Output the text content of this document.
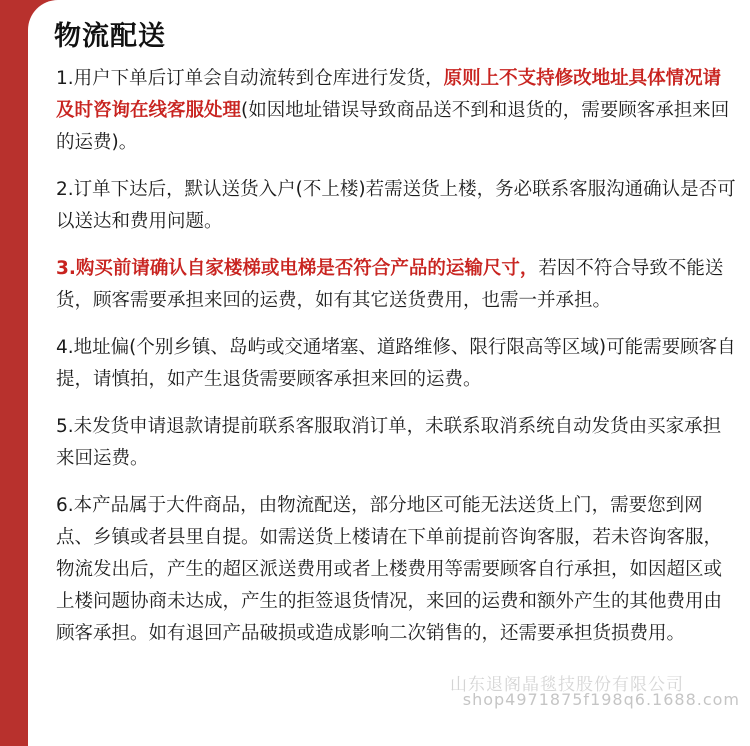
物流配送

1.用户下单后订单会自动流转到仓库进行发货，原则上不支持修改地址具体情况请及时咨询在线客服处理(如因地址错误导致商品送不到和退货的，需要顾客承担来回的运费)。

2.订单下达后，默认送货入户(不上楼)若需送货上楼，务必联系客服沟通确认是否可以送达和费用问题。

3.购买前请确认自家楼梯或电梯是否符合产品的运输尺寸，若因不符合导致不能送货，顾客需要承担来回的运费，如有其它送货费用，也需一并承担。

4.地址偏(个别乡镇、岛屿或交通堵塞、道路维修、限行限高等区域)可能需要顾客自提，请慎拍，如产生退货需要顾客承担来回的运费。

5.未发货申请退款请提前联系客服取消订单，未联系取消系统自动发货由买家承担来回运费。

6.本产品属于大件商品，由物流配送，部分地区可能无法送货上门，需要您到网点、乡镇或者县里自提。如需送货上楼请在下单前提前咨询客服，若未咨询客服，物流发出后，产生的超区派送费用或者上楼费用等需要顾客自行承担，如因超区或上楼问题协商未达成，产生的拒签退货情况，来回的运费和额外产生的其他费用由顾客承担。如有退回产品破损或造成影响二次销售的，还需要承担货损费用。

山东退阁晶毯技股份有限公司
shop4971875f198q6.1688.com
